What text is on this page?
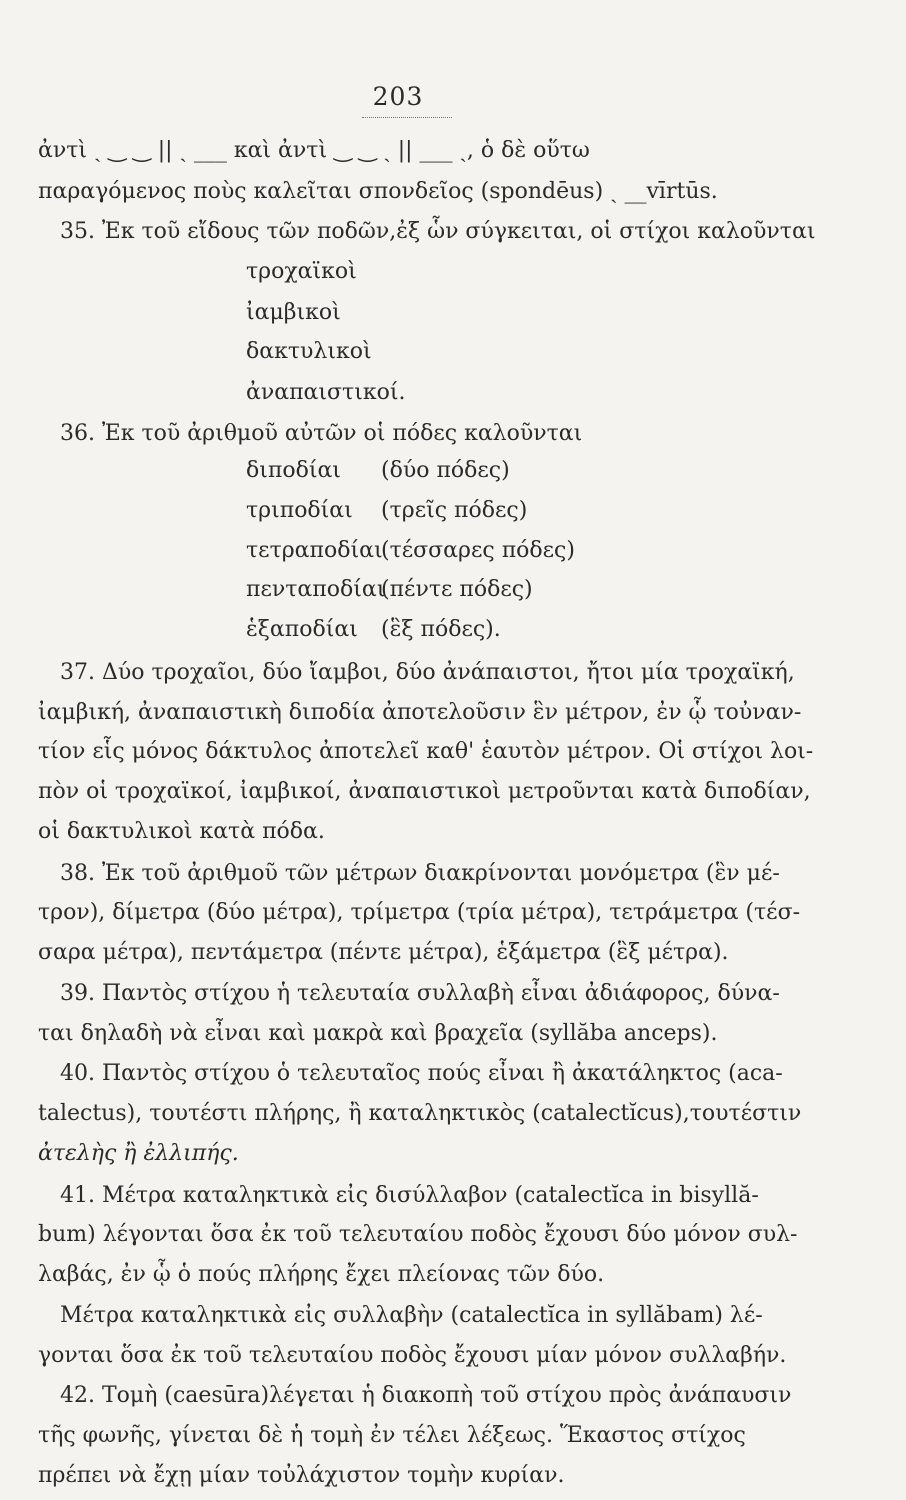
203
ἀντὶ ˏ ‿ ‿ || ˏ ___ καὶ ἀντὶ ‿ ‿ ˏ || ___ ˏ, ὁ δὲ οὕτω
παραγόμενος ποὺς καλεῖται σπονδεῖος (spondēus) ˏ __vīrtūs.
35. Ἐκ τοῦ εἴδους τῶν ποδῶν,ἐξ ὧν σύγκειται, οἱ στίχοι καλοῦνται
τροχαϊκοὶ
ἰαμβικοὶ
δακτυλικοὶ
ἀναπαιστικοί.
36. Ἐκ τοῦ ἀριθμοῦ αὐτῶν οἱ πόδες καλοῦνται
διποδίαι (δύο πόδες)
τριποδίαι (τρεῖς πόδες)
τετραποδίαι(τέσσαρες πόδες)
πενταποδίαι(πέντε πόδες)
ἑξαποδίαι (ἓξ πόδες).
37. Δύο τροχαῖοι, δύο ἴαμβοι, δύο ἀνάπαιστοι, ἤτοι μία τροχαϊκή,
ἰαμβική, ἀναπαιστικὴ διποδία ἀποτελοῦσιν ἓν μέτρον, ἐν ᾧ τοὐναν-
τίον εἷς μόνος δάκτυλος ἀποτελεῖ καθ' ἑαυτὸν μέτρον. Οἱ στίχοι λοι-
πὸν οἱ τροχαϊκοί, ἰαμβικοί, ἀναπαιστικοὶ μετροῦνται κατὰ διποδίαν,
οἱ δακτυλικοὶ κατὰ πόδα.
38. Ἐκ τοῦ ἀριθμοῦ τῶν μέτρων διακρίνονται μονόμετρα (ἓν μέ-
τρον), δίμετρα (δύο μέτρα), τρίμετρα (τρία μέτρα), τετράμετρα (τέσ-
σαρα μέτρα), πεντάμετρα (πέντε μέτρα), ἑξάμετρα (ἓξ μέτρα).
39. Παντὸς στίχου ἡ τελευταία συλλαβὴ εἶναι ἀδιάφορος, δύνα-
ται δηλαδὴ νὰ εἶναι καὶ μακρὰ καὶ βραχεῖα (syllăba anceps).
40. Παντὸς στίχου ὁ τελευταῖος πούς εἶναι ἢ ἀκατάληκτος (aca-
talectus), τουτέστι πλήρης, ἢ καταληκτικὸς (catalectĭcus),τουτέστιν
ἀτελὴς ἢ ἐλλιπής.
41. Μέτρα καταληκτικὰ εἰς δισύλλαβον (catalectĭca in bisyllă-
bum) λέγονται ὅσα ἐκ τοῦ τελευταίου ποδὸς ἔχουσι δύο μόνον συλ-
λαβάς, ἐν ᾧ ὁ πούς πλήρης ἔχει πλείονας τῶν δύο.
Μέτρα καταληκτικὰ εἰς συλλαβὴν (catalectĭca in syllăbam) λέ-
γονται ὅσα ἐκ τοῦ τελευταίου ποδὸς ἔχουσι μίαν μόνον συλλαβήν.
42. Τομὴ (caesūra)λέγεται ἡ διακοπὴ τοῦ στίχου πρὸς ἀνάπαυσιν
τῆς φωνῆς, γίνεται δὲ ἡ τομὴ ἐν τέλει λέξεως. Ἕκαστος στίχος
πρέπει νὰ ἔχῃ μίαν τοὐλάχιστον τομὴν κυρίαν.
